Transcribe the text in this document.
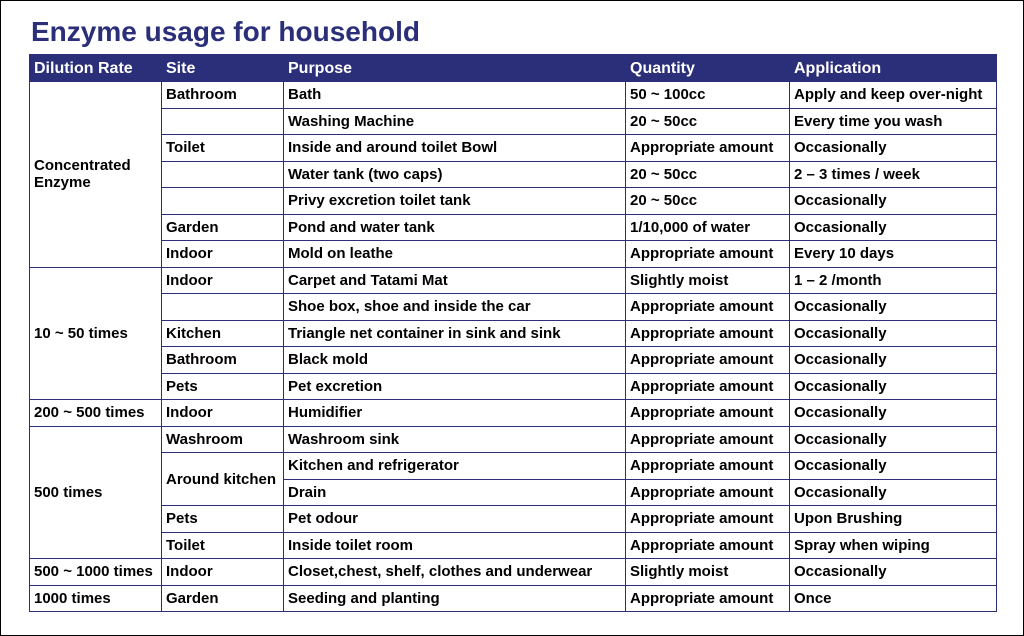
Enzyme usage for household
Dilution Rate	Site	Purpose	Quantity	Application
Concentrated Enzyme	Bathroom	Bath	50 ~ 100cc	Apply and keep over-night
		Washing Machine	20 ~ 50cc	Every time you wash
	Toilet	Inside and around toilet Bowl	Appropriate amount	Occasionally
		Water tank (two caps)	20 ~ 50cc	2 – 3 times / week
		Privy excretion toilet tank	20 ~ 50cc	Occasionally
	Garden	Pond and water tank	1/10,000 of water	Occasionally
	Indoor	Mold on leathe	Appropriate amount	Every 10 days
10 ~ 50 times	Indoor	Carpet and Tatami Mat	Slightly moist	1 – 2 /month
		Shoe box, shoe and inside the car	Appropriate amount	Occasionally
	Kitchen	Triangle net container in sink and sink	Appropriate amount	Occasionally
	Bathroom	Black mold	Appropriate amount	Occasionally
	Pets	Pet excretion	Appropriate amount	Occasionally
200 ~ 500 times	Indoor	Humidifier	Appropriate amount	Occasionally
500 times	Washroom	Washroom sink	Appropriate amount	Occasionally
	Around kitchen	Kitchen and refrigerator	Appropriate amount	Occasionally
		Drain	Appropriate amount	Occasionally
	Pets	Pet odour	Appropriate amount	Upon Brushing
	Toilet	Inside toilet room	Appropriate amount	Spray when wiping
500 ~ 1000 times	Indoor	Closet,chest, shelf, clothes and underwear	Slightly moist	Occasionally
1000 times	Garden	Seeding and planting	Appropriate amount	Once
